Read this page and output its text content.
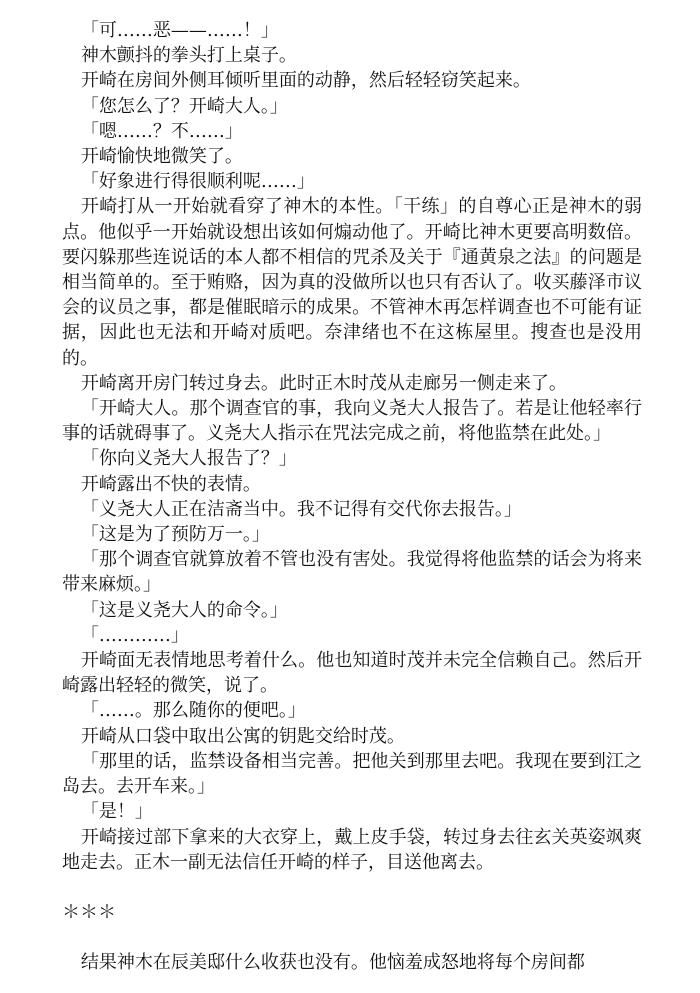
「可……恶——……！」

神木颤抖的拳头打上桌子。

开崎在房间外侧耳倾听里面的动静，然后轻轻窃笑起来。

「您怎么了？开崎大人。」

「嗯……？不……」

开崎愉快地微笑了。

「好象进行得很顺利呢……」

开崎打从一开始就看穿了神木的本性。「干练」的自尊心正是神木的弱点。他似乎一开始就设想出该如何煽动他了。开崎比神木更要高明数倍。要闪躲那些连说话的本人都不相信的咒杀及关于『通黄泉之法』的问题是相当简单的。至于贿赂，因为真的没做所以也只有否认了。收买藤泽市议会的议员之事，都是催眠暗示的成果。不管神木再怎样调查也不可能有证据，因此也无法和开崎对质吧。奈津绪也不在这栋屋里。搜查也是没用的。

开崎离开房门转过身去。此时正木时茂从走廊另一侧走来了。

「开崎大人。那个调查官的事，我向义尧大人报告了。若是让他轻率行事的话就碍事了。义尧大人指示在咒法完成之前，将他监禁在此处。」

「你向义尧大人报告了？」

开崎露出不快的表情。

「义尧大人正在洁斋当中。我不记得有交代你去报告。」

「这是为了预防万一。」

「那个调查官就算放着不管也没有害处。我觉得将他监禁的话会为将来带来麻烦。」

「这是义尧大人的命令。」

「…………」

开崎面无表情地思考着什么。他也知道时茂并未完全信赖自己。然后开崎露出轻轻的微笑，说了。

「……。那么随你的便吧。」

开崎从口袋中取出公寓的钥匙交给时茂。

「那里的话，监禁设备相当完善。把他关到那里去吧。我现在要到江之岛去。去开车来。」

「是！」

开崎接过部下拿来的大衣穿上，戴上皮手袋，转过身去往玄关英姿飒爽地走去。正木一副无法信任开崎的样子，目送他离去。

＊＊＊

结果神木在辰美邸什么收获也没有。他恼羞成怒地将每个房间都
